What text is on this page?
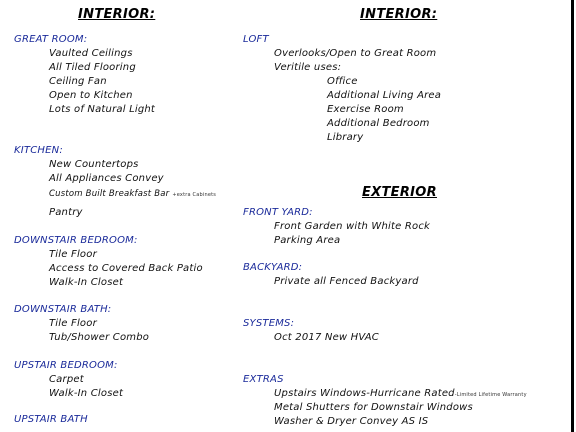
INTERIOR:
GREAT ROOM:
Vaulted Ceilings
All Tiled Flooring
Ceiling Fan
Open to Kitchen
Lots of Natural Light
KITCHEN:
New Countertops
All Appliances Convey
Custom Built Breakfast Bar +extra Cabinets
Pantry
DOWNSTAIR BEDROOM:
Tile Floor
Access to Covered Back Patio
Walk-In Closet
DOWNSTAIR BATH:
Tile Floor
Tub/Shower Combo
UPSTAIR BEDROOM:
Carpet
Walk-In Closet
UPSTAIR BATH
INTERIOR:
LOFT
Overlooks/Open to Great Room
Veritile uses:
Office
Additional Living Area
Exercise Room
Additional Bedroom
Library
EXTERIOR
FRONT YARD:
Front Garden with White Rock
Parking Area
BACKYARD:
Private all Fenced Backyard
SYSTEMS:
Oct 2017 New HVAC
EXTRAS
Upstairs Windows-Hurricane Rated-Limited Lifetime Warranty
Metal Shutters for Downstair Windows
Washer & Dryer Convey AS IS
